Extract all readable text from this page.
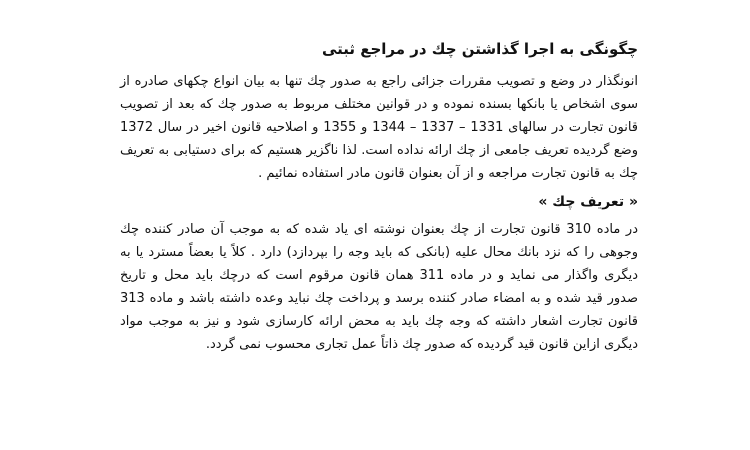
چگونگی به اجرا گذاشتن چك در مراجع ثبتی

انونگذار در وضع و تصویب مقررات جزائی راجع به صدور چك تنها به بیان انواع چكهای صادره از سوی اشخاص یا بانكها بسنده نموده و در قوانین مختلف مربوط به صدور چك كه بعد از تصویب قانون تجارت در سالهای 1331 – 1337 – 1344 و 1355 و اصلاحیه قانون اخیر در سال 1372 وضع گردیده تعریف جامعی از چك ارائه نداده است. لذا ناگزیر هستیم كه برای دستیابی به تعریف چك به قانون تجارت مراجعه و از آن بعنوان قانون مادر استفاده نمائیم .

« تعریف چك »

در ماده 310 قانون تجارت از چك بعنوان نوشته ای یاد شده كه به موجب آن صادر كننده چك وجوهی را كه نزد بانك محال علیه (بانكی كه باید وجه را بپردازد) دارد . كلاً یا بعضاً مسترد یا به دیگری واگذار می نماید و در ماده 311 همان قانون مرقوم است كه درچك باید محل و تاریخ صدور قید شده و به امضاء صادر كننده برسد و پرداخت چك نباید وعده داشته باشد و ماده 313 قانون تجارت اشعار داشته كه وجه چك باید به محض ارائه كارسازی شود و نیز به موجب مواد دیگری ازاین قانون قید گردیده كه صدور چك ذاتاً عمل تجاری محسوب نمی گردد.
